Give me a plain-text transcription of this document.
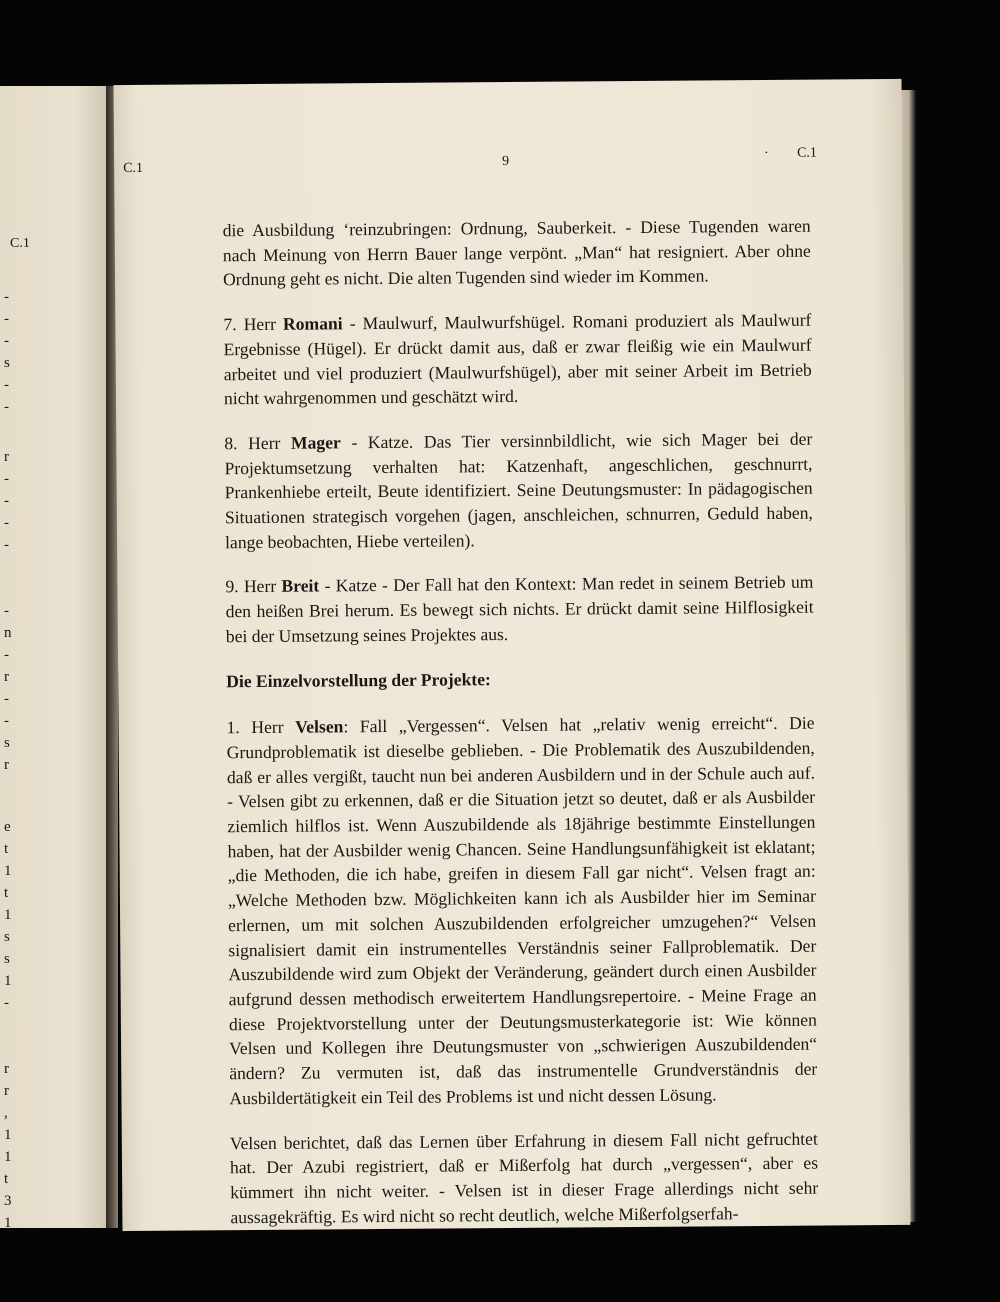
C.1
-
-
-
s
-
-
r
-
-
-
-
-
n
-
r
-
-
s
r
e
t
1
t
1
s
s
1
-
r
r
,
1
1
t
3
1
C.1	9
· C.1

die Ausbildung ‘reinzubringen: Ordnung, Sauberkeit. - Diese Tugenden waren nach Meinung von Herrn Bauer lange verpönt. „Man“ hat resigniert. Aber ohne Ordnung geht es nicht. Die alten Tugenden sind wieder im Kommen.

7. Herr Romani - Maulwurf, Maulwurfshügel. Romani produziert als Maulwurf Ergebnisse (Hügel). Er drückt damit aus, daß er zwar fleißig wie ein Maulwurf arbeitet und viel produziert (Maulwurfshügel), aber mit seiner Arbeit im Betrieb nicht wahrgenommen und geschätzt wird.

8. Herr Mager - Katze. Das Tier versinnbildlicht, wie sich Mager bei der Projektumsetzung verhalten hat: Katzenhaft, angeschlichen, geschnurrt, Prankenhiebe erteilt, Beute identifiziert. Seine Deutungsmuster: In pädagogischen Situationen strategisch vorgehen (jagen, anschleichen, schnurren, Geduld haben, lange beobachten, Hiebe verteilen).

9. Herr Breit - Katze - Der Fall hat den Kontext: Man redet in seinem Betrieb um den heißen Brei herum. Es bewegt sich nichts. Er drückt damit seine Hilflosigkeit bei der Umsetzung seines Projektes aus.

Die Einzelvorstellung der Projekte:

1. Herr Velsen: Fall „Vergessen“. Velsen hat „relativ wenig erreicht“. Die Grundproblematik ist dieselbe geblieben. - Die Problematik des Auszubildenden, daß er alles vergißt, taucht nun bei anderen Ausbildern und in der Schule auch auf. - Velsen gibt zu erkennen, daß er die Situation jetzt so deutet, daß er als Ausbilder ziemlich hilflos ist. Wenn Auszubildende als 18jährige bestimmte Einstellungen haben, hat der Ausbilder wenig Chancen. Seine Handlungsunfähigkeit ist eklatant; „die Methoden, die ich habe, greifen in diesem Fall gar nicht“. Velsen fragt an: „Welche Methoden bzw. Möglichkeiten kann ich als Ausbilder hier im Seminar erlernen, um mit solchen Auszubildenden erfolgreicher umzugehen?“ Velsen signalisiert damit ein instrumentelles Verständnis seiner Fallproblematik. Der Auszubildende wird zum Objekt der Veränderung, geändert durch einen Ausbilder aufgrund dessen methodisch erweitertem Handlungsrepertoire. - Meine Frage an diese Projektvorstellung unter der Deutungsmusterkategorie ist: Wie können Velsen und Kollegen ihre Deutungsmuster von „schwierigen Auszubildenden“ ändern? Zu vermuten ist, daß das instrumentelle Grundverständnis der Ausbildertätigkeit ein Teil des Problems ist und nicht dessen Lösung.

Velsen berichtet, daß das Lernen über Erfahrung in diesem Fall nicht gefruchtet hat. Der Azubi registriert, daß er Mißerfolg hat durch „vergessen“, aber es kümmert ihn nicht weiter. - Velsen ist in dieser Frage allerdings nicht sehr aussagekräftig. Es wird nicht so recht deutlich, welche Mißerfolgserfah-
